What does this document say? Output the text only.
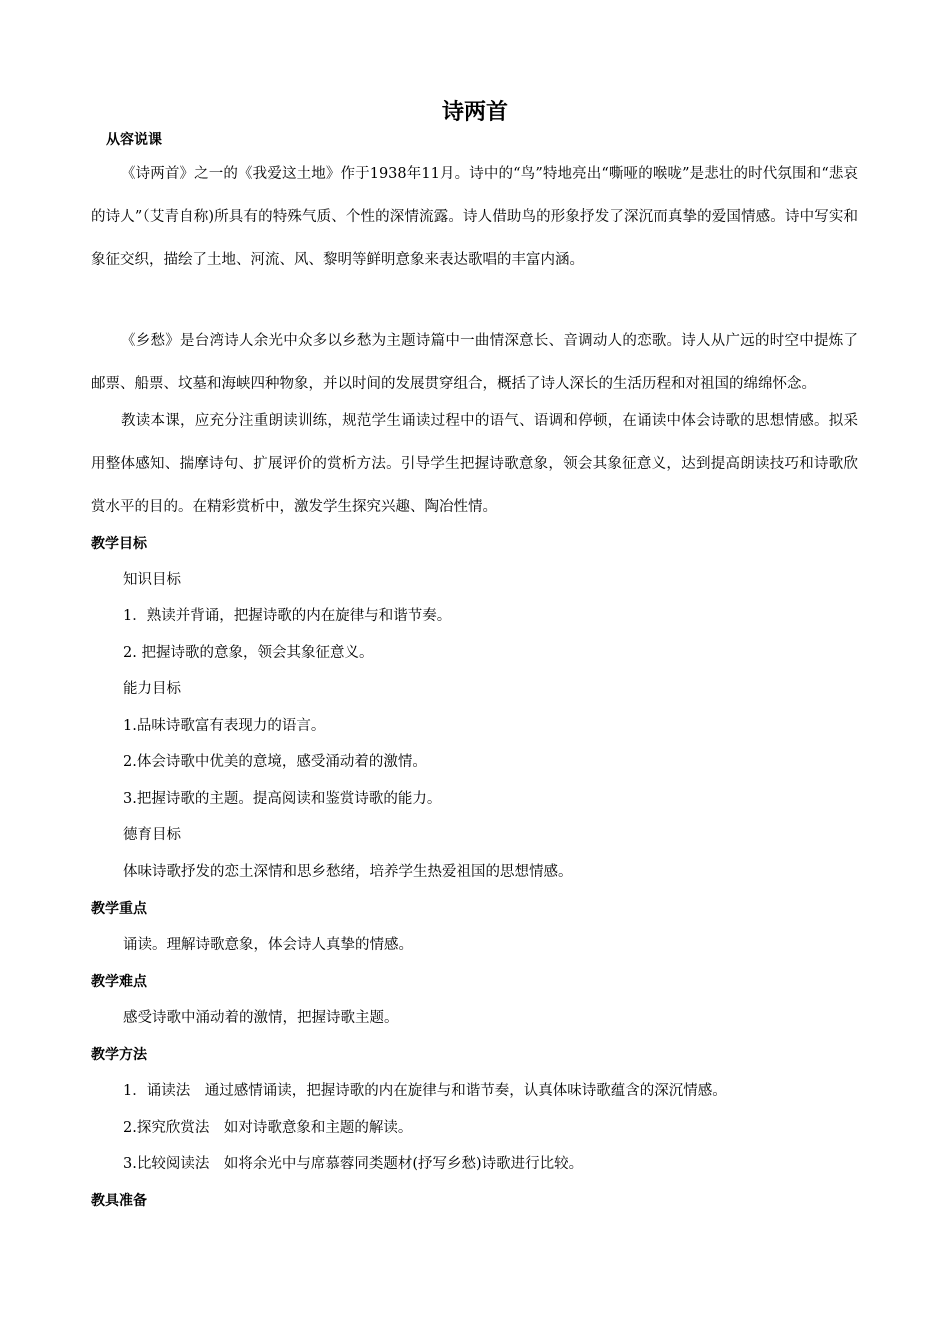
诗两首
从容说课
《诗两首》之一的《我爱这土地》作于1938年11月。诗中的“鸟”特地亮出“嘶哑的喉咙”是悲壮的时代氛围和“悲哀的诗人”（艾青自称)所具有的特殊气质、个性的深情流露。诗人借助鸟的形象抒发了深沉而真挚的爱国情感。诗中写实和象征交织，描绘了土地、河流、风、黎明等鲜明意象来表达歌唱的丰富内涵。
《乡愁》是台湾诗人余光中众多以乡愁为主题诗篇中一曲情深意长、音调动人的恋歌。诗人从广远的时空中提炼了邮票、船票、坟墓和海峡四种物象，并以时间的发展贯穿组合，概括了诗人深长的生活历程和对祖国的绵绵怀念。
教读本课，应充分注重朗读训练，规范学生诵读过程中的语气、语调和停顿，在诵读中体会诗歌的思想情感。拟采用整体感知、揣摩诗句、扩展评价的赏析方法。引导学生把握诗歌意象，领会其象征意义，达到提高朗读技巧和诗歌欣赏水平的目的。在精彩赏析中，激发学生探究兴趣、陶冶性情。
教学目标
知识目标
1．熟读并背诵，把握诗歌的内在旋律与和谐节奏。
2. 把握诗歌的意象，领会其象征意义。
能力目标
1.品味诗歌富有表现力的语言。
2.体会诗歌中优美的意境，感受涌动着的激情。
3.把握诗歌的主题。提高阅读和鉴赏诗歌的能力。
德育目标
体味诗歌抒发的恋土深情和思乡愁绪，培养学生热爱祖国的思想情感。
教学重点
诵读。理解诗歌意象，体会诗人真挚的情感。
教学难点
感受诗歌中涌动着的激情，把握诗歌主题。
教学方法
1．诵读法　通过感情诵读，把握诗歌的内在旋律与和谐节奏，认真体味诗歌蕴含的深沉情感。
2.探究欣赏法　如对诗歌意象和主题的解读。
3.比较阅读法　如将余光中与席慕蓉同类题材(抒写乡愁)诗歌进行比较。
教具准备
